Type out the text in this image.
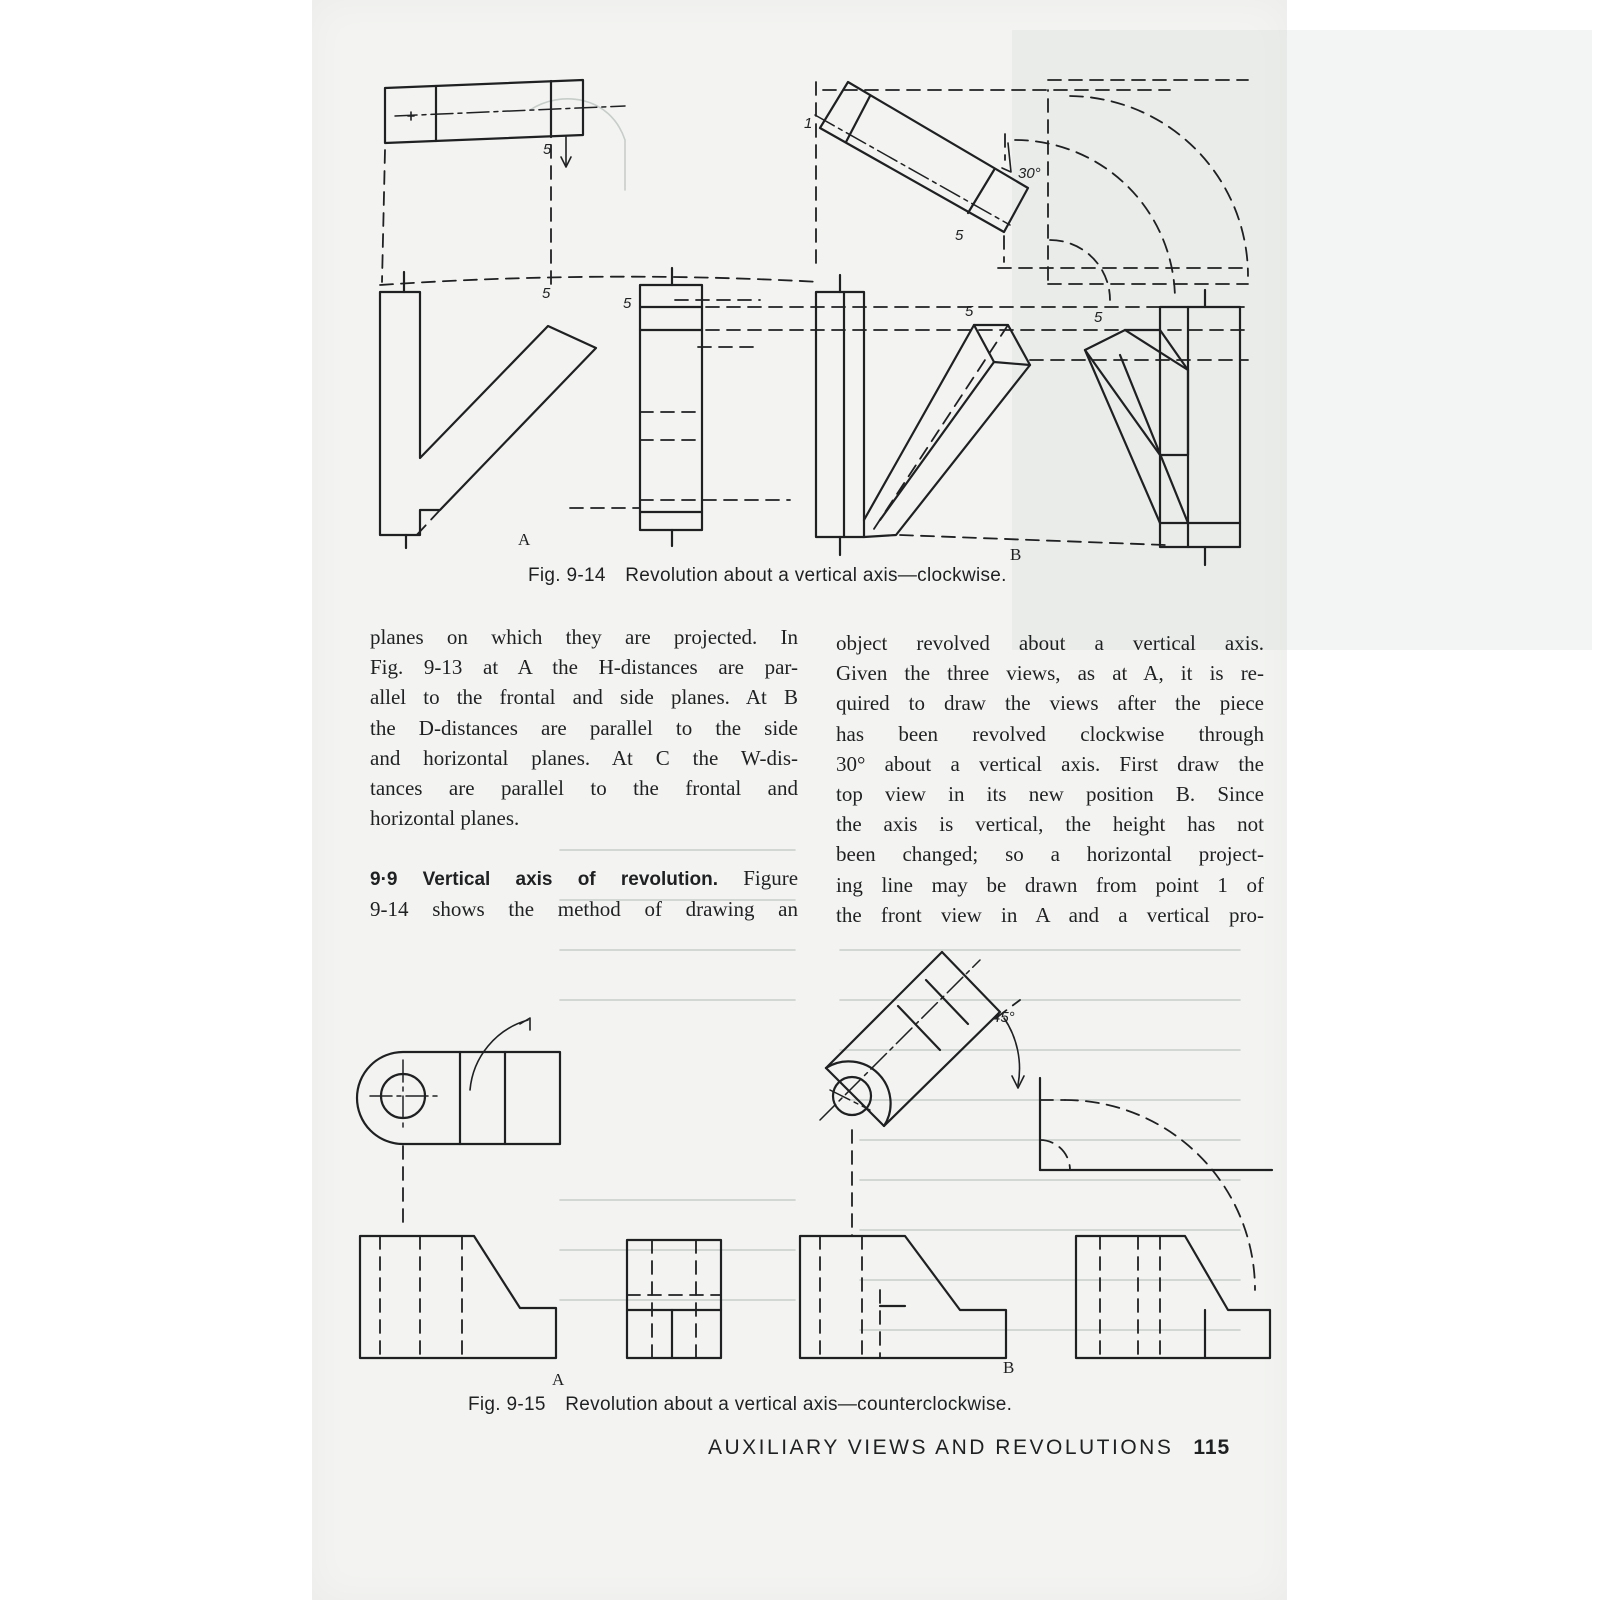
A
B
30°
1
5
5
5
5
5	5
A
B
45°
Fig. 9-14 Revolution about a vertical axis—clockwise.
Fig. 9-15 Revolution about a vertical axis—counterclockwise.
planes on which they are projected. In
Fig. 9-13 at A the H-distances are par-
allel to the frontal and side planes. At B
the D-distances are parallel to the side
and horizontal planes. At C the W-dis-
tances are parallel to the frontal and
horizontal planes.
9·9 Vertical axis of revolution. Figure
9-14 shows the method of drawing an
object revolved about a vertical axis.
Given the three views, as at A, it is re-
quired to draw the views after the piece
has been revolved clockwise through
30° about a vertical axis. First draw the
top view in its new position B. Since
the axis is vertical, the height has not
been changed; so a horizontal project-
ing line may be drawn from point 1 of
the front view in A and a vertical pro-
AUXILIARY VIEWS AND REVOLUTIONS 115
